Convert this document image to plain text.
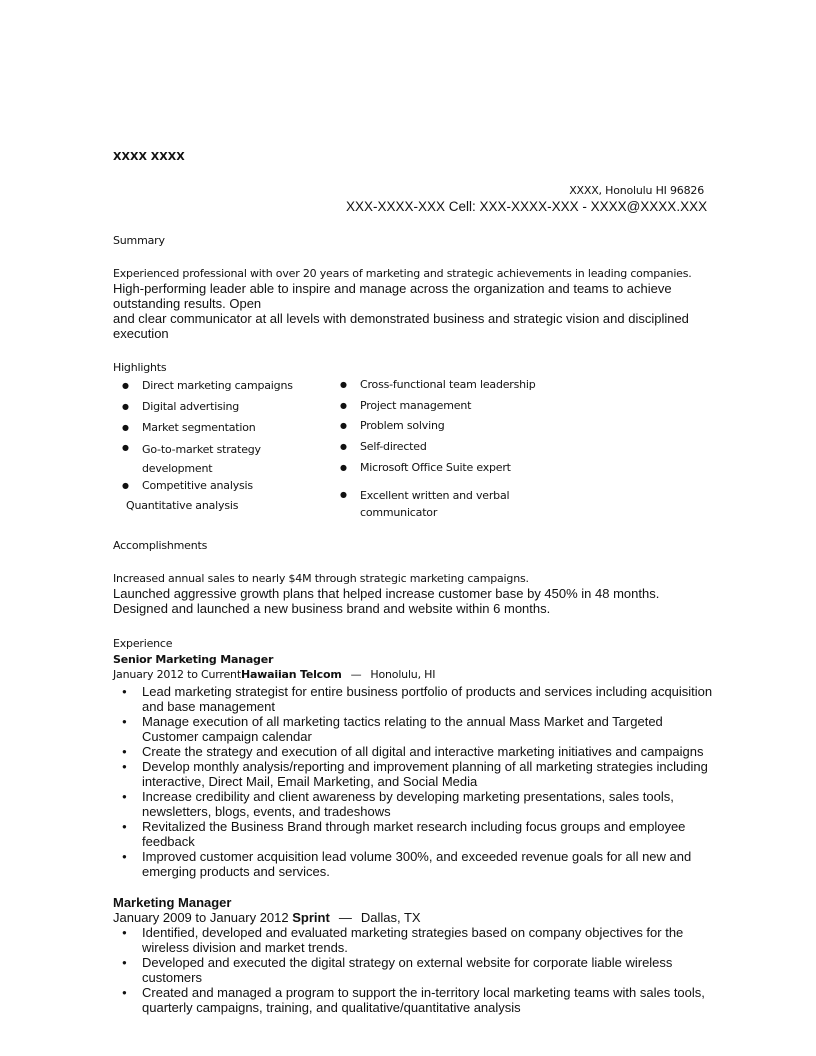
XXXX XXXX
XXXX, Honolulu HI 96826
XXX-XXXX-XXX Cell: XXX-XXXX-XXX - XXXX@XXXX.XXX
Summary

Experienced professional with over 20 years of marketing and strategic achievements in leading companies.

High-performing leader able to inspire and manage across the organization and teams to achieve outstanding results. Open

and clear communicator at all levels with demonstrated business and strategic vision and disciplined execution

Highlights
● Direct marketing campaigns
● Digital advertising
● Market segmentation
● Go-to-market strategy development
● Competitive analysis
Quantitative analysis
● Cross-functional team leadership
● Project management
● Problem solving
● Self-directed
● Microsoft Office Suite expert
● Excellent written and verbal communicator
Accomplishments

Increased annual sales to nearly $4M through strategic marketing campaigns.

Launched aggressive growth plans that helped increase customer base by 450% in 48 months.

Designed and launched a new business brand and website within 6 months.

Experience
Senior Marketing Manager
January 2012 to CurrentHawaiian Telcom — Honolulu, HI
● Lead marketing strategist for entire business portfolio of products and services including acquisition and base management
● Manage execution of all marketing tactics relating to the annual Mass Market and Targeted Customer campaign calendar
● Create the strategy and execution of all digital and interactive marketing initiatives and campaigns
● Develop monthly analysis/reporting and improvement planning of all marketing strategies including interactive, Direct Mail, Email Marketing, and Social Media
● Increase credibility and client awareness by developing marketing presentations, sales tools, newsletters, blogs, events, and tradeshows
● Revitalized the Business Brand through market research including focus groups and employee feedback
● Improved customer acquisition lead volume 300%, and exceeded revenue goals for all new and emerging products and services.
Marketing Manager
January 2009 to January 2012 Sprint — Dallas, TX
● Identified, developed and evaluated marketing strategies based on company objectives for the wireless division and market trends.
● Developed and executed the digital strategy on external website for corporate liable wireless customers
● Created and managed a program to support the in-territory local marketing teams with sales tools, quarterly campaigns, training, and qualitative/quantitative analysis
